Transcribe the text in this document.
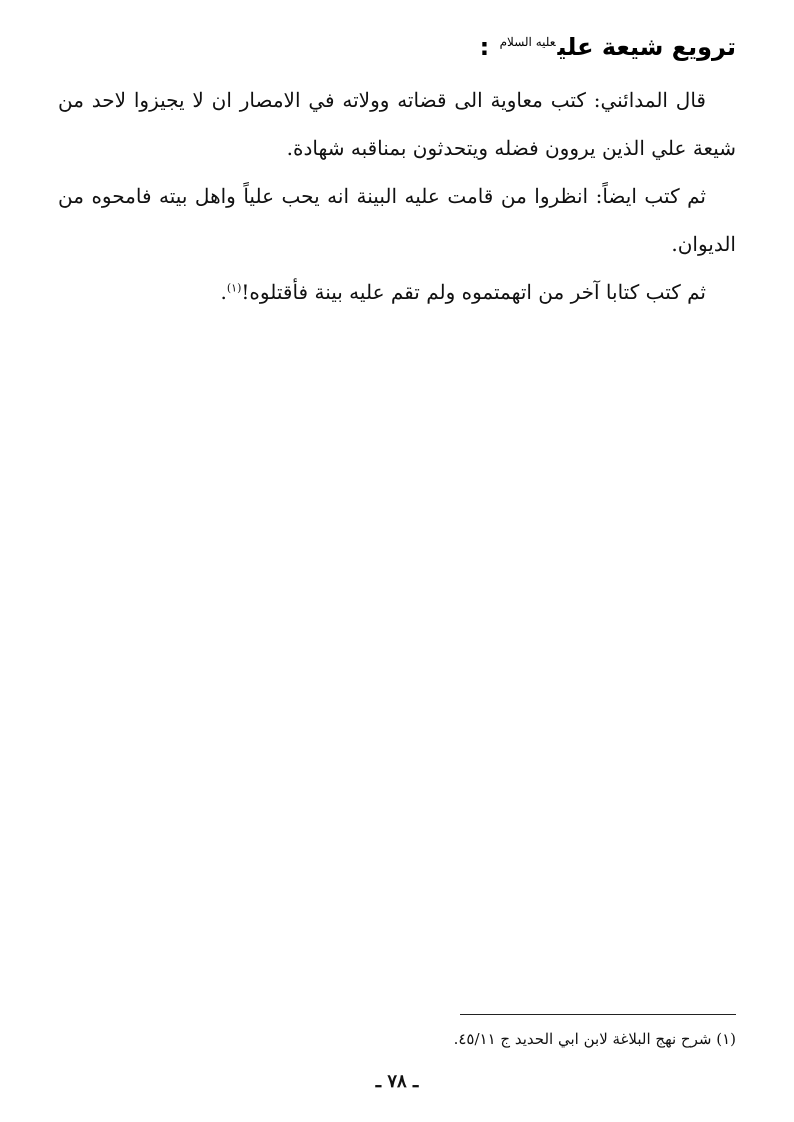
ترويع شيعة علي$^{عليه السلام}$ :

قال المدائني: كتب معاوية الى قضاته وولاته في الامصار ان لا يجيزوا لاحد من شيعة علي الذين يروون فضله ويتحدثون بمناقبه شهادة.

ثم كتب ايضاً: انظروا من قامت عليه البينة انه يحب علياً واهل بيته فامحوه من الديوان.

ثم كتب كتابا آخر من اتهمتموه ولم تقم عليه بينة فأقتلوه!$^{(١)}$.

(١) شرح نهج البلاغة لابن ابي الحديد ج ٤٥/١١.
ـ ٧٨ ـ
